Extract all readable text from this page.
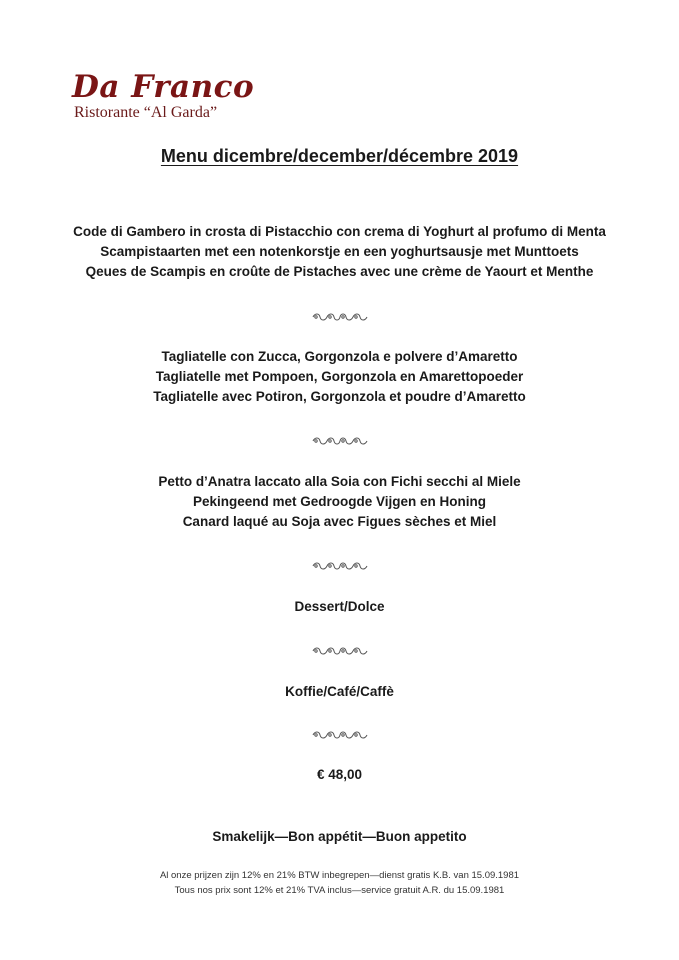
Da Franco
Ristorante “Al Garda”
Menu dicembre/december/décembre 2019
Code di Gambero in crosta di Pistacchio con crema di Yoghurt al profumo di Menta
Scampistaarten met een notenkorstje en een yoghurtsausje met Munttoets
Qeues de Scampis en croûte de Pistaches avec une crème de Yaourt et Menthe
Tagliatelle con Zucca, Gorgonzola e polvere d’Amaretto
Tagliatelle met Pompoen, Gorgonzola en Amarettopoeder
Tagliatelle avec Potiron, Gorgonzola et poudre d’Amaretto
Petto d’Anatra laccato alla Soia con Fichi secchi al Miele
Pekingeend met Gedroogde Vijgen en Honing
Canard laqué au Soja avec Figues sèches et Miel
Dessert/Dolce
Koffie/Café/Caffè
€ 48,00
Smakelijk—Bon appétit—Buon appetito
Al onze prijzen zijn 12% en 21% BTW inbegrepen—dienst gratis K.B. van 15.09.1981
Tous nos prix sont 12% et 21% TVA inclus—service gratuit A.R. du 15.09.1981
